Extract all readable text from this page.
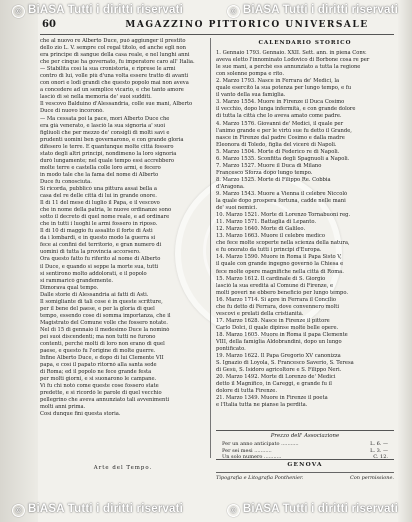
60	MAGAZZINO PITTORICO UNIVERSALE
che al nuovo re Alberto Duce, può aggiunger il prestito
dello zio L. V. sempre col regal titolo, ed anche egli non
era principe di sangue della casa reale, e nel lunghi anni
che per cinque ha governato, fu imperatore caro all' Italia.
— Stabilita così la sua cronistoria, e riprese le armi
contro di lui, volle più d'una volta essere tratto di avanti
con onori e lodi grandi che questo popolo mai non aveva
a concedere ad un semplice vicario, e che tanto amore
lasciò di sé nella memoria de' suoi sudditi.
Il vescovo Balduino d'Alessandria, colle sue mani, Alberto
Duce di nuovo incoronò.
— Ma cessata poi la pace, morì Alberto Duce che
era già venerato, e lasciò la sua signoria a' suoi
figliuoli che per mezzo de' consigli di molti savi e
prudenti uomini ben governarono, e con grande gloria
difesero le terre. E quantunque molte città fossero
stato degli altri principi, nondimeno la loro signoria
durò lungamente; nel quale tempo essi accrebbero
molte terre e castella colle loro armi, e fecero
in modo tale che la fama del nome di Alberto
Duce fu conosciuta.
Si ricorda, pubblicò una pittura assai bella a
casa del re delle città di lui in grande onore.
Il dì 11 del mese di luglio il Papa, e il vescovo
che in nome della patria, le nuove ordinanze sono
sotto il decreto di quel nome reale, e ad ordinare
che in tutti i luoghi le armi fossero in riposo.
Il di 10 di maggio fu assalito il forte di Asti
da i lombardi, e in questo modo la guerra si
fece ai confini del territorio, e gran numero di
uomini di tutta la provincia accorsero.
Ora questo fatto fu riferito al nome di Alberto
il Duce, e quando si seppe la morte sua, tutti
si sentirono molto addolorati, e il popolo
si rammaricò grandemente.
Dimorava qual tempo.
Dalle storie di Alessandria ai fatti di Asti.
Il somigliante di tali cose è in queste scritture,
per il bene del paese, e per la gloria di quel
tempo, essendo cose di somma importanza, che il
Magistrato del Comune volle che fossero notate.
Nel dì 15 di gennaio il medesimo Duce la nominò
pei suoi discendenti; ma non tutti ne furono
contenti, perché molti di loro non erano di quel
paese, e questo fu l'origine di molte guerre.
Infine Alberto Duce, e dopo di lui Clemente VII
papa, e così il papato ritornò alla santa sede
di Roma; ed il popolo ne fece grande festa
per molti giorni, e si suonarono le campane.
Vi fu chi notò come queste cose fossero state
predette, e si ricordò le parole di quel vecchio
pellegrino che aveva annunziato tali avvenimenti
molti anni prima.
Così dunque finì questa storia.
Arte del Tempo.
CALENDARIO STORICO
1. Gennaio 1793. Gennaio. XXII. Sett. ann. in piena Conv.
aveva eletto l'innominato Lodovico di Borbone cosa re per
le sue mani, a perché ess annunziato a tutta la regione
con solenne pompa e rito.
2. Marzo 1793. Nasce in Ferrara de' Medici, la
quale esercitò la sua potenza per lungo tempo, e fu
il vanto della sua famiglia.
3. Marzo 1554. Muore in Firenze il Duca Cosimo
il vecchio, dopo lunga infermità, e con grande dolore
di tutta la città che lo aveva amato come padre.
4. Marzo 1576. Giovanni de' Medici, il quale per
l'animo grande e per le virtù sue fu detto il Grande,
nasce in Firenze dal padre Cosimo e dalla madre
Eleonora di Toledo, figlia del viceré di Napoli.
5. Marzo 1504. Morte di Federico re di Napoli.
6. Marzo 1535. Sconfitta degli Spagnuoli a Napoli.
7. Marzo 1527. Muore il Duca di Milano
Francesco Sforza dopo lungo tempo.
8. Marzo 1525. Morte di Filippo Re. Cobbia
d'Aragona.
9. Marzo 1543. Muore a Vienna il celebre Niccolò
la quale dopo prospera fortuna, cadde nelle mani
de' suoi nemici.
10. Marzo 1521. Morte di Lorenzo Tornabuoni reg.
11. Marzo 1571. Battaglia di Lepanto.
12. Marzo 1640. Morte di Galileo.
13. Marzo 1663. Muore il celebre medico
che fece molte scoperte nella scienza della natura,
e fu onorato da tutti i principi d'Europa.
14. Marzo 1590. Muore in Roma il Papa Sisto V,
il quale con grande ingegno governò la Chiesa e
fece molte opere magnifiche nella città di Roma.
15. Marzo 1612. Il cardinale di S. Giorgio
lasciò la sua eredità al Comune di Firenze, e
molti poveri ne ebbero beneficio per lungo tempo.
16. Marzo 1714. Si apre in Ferrara il Concilio
che fu detto di Ferrara, dove convennero molti
vescovi e prelati della cristianità.
17. Marzo 1628. Nasce in Firenze il pittore
Carlo Dolci, il quale dipinse molte belle opere.
18. Marzo 1605. Muore in Roma il papa Clemente
VIII, della famiglia Aldobrandini, dopo un lungo
pontificato.
19. Marzo 1622. Il Papa Gregorio XV canonizza
S. Ignazio di Loyola, S. Francesco Saverio, S. Teresa
di Gesù, S. Isidoro agricoltore e S. Filippo Neri.
20. Marzo 1492. Morte di Lorenzo de' Medici
detto il Magnifico, in Careggi, e grande fu il
dolore di tutta Firenze.
21. Marzo 1349. Muore in Firenze il poeta
e l'Italia tutta ne pianse la perdita.
Prezzo dell' Associazione
Per un anno anticipato ...........	L. 6. —
Per sei mesi ...........	L. 3. —
Un solo numero ...........	C. 12.
GENOVA
Tipografia e Litografia Ponthenier.	Con permissione.
© BiASA Tutti i diritti riservati	© BiASA Tutti i diritti riservati
© BiASA Tutti i diritti riservati	© BiASA Tutti i diritti riservati
